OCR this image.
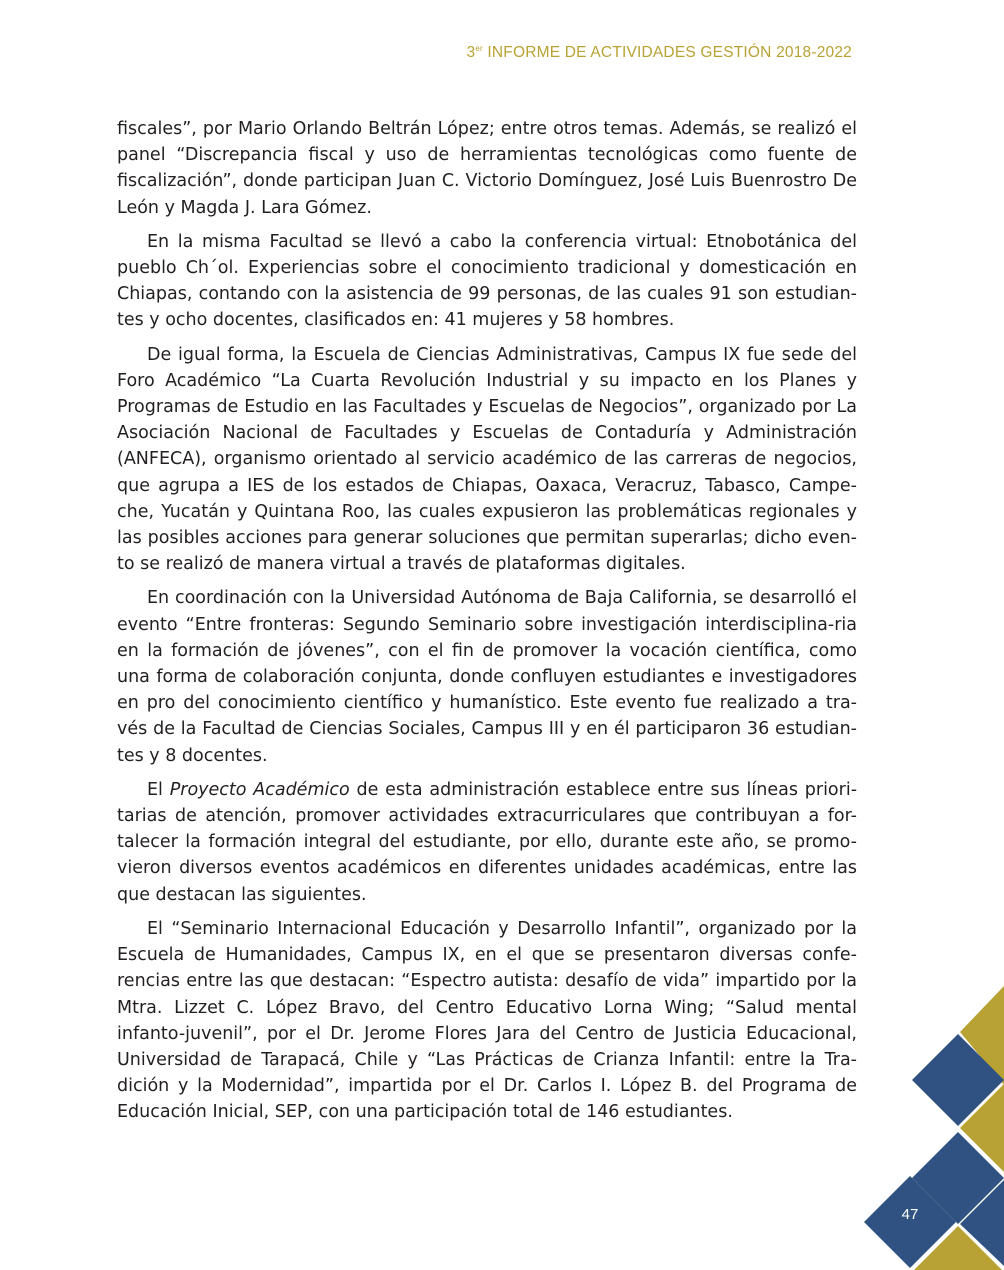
3er INFORME DE ACTIVIDADES GESTIÓN 2018-2022

fiscales”, por Mario Orlando Beltrán López; entre otros temas. Además, se realizó el panel “Discrepancia fiscal y uso de herramientas tecnológicas como fuente de fiscalización”, donde participan Juan C. Victorio Domínguez, José Luis Buenrostro De León y Magda J. Lara Gómez.

En la misma Facultad se llevó a cabo la conferencia virtual: Etnobotánica del pueblo Ch´ol. Experiencias sobre el conocimiento tradicional y domesticación en Chiapas, contando con la asistencia de 99 personas, de las cuales 91 son estudian-tes y ocho docentes, clasificados en: 41 mujeres y 58 hombres.

De igual forma, la Escuela de Ciencias Administrativas, Campus IX fue sede del Foro Académico “La Cuarta Revolución Industrial y su impacto en los Planes y Programas de Estudio en las Facultades y Escuelas de Negocios”, organizado por La Asociación Nacional de Facultades y Escuelas de Contaduría y Administración (ANFECA), organismo orientado al servicio académico de las carreras de negocios, que agrupa a IES de los estados de Chiapas, Oaxaca, Veracruz, Tabasco, Campe-che, Yucatán y Quintana Roo, las cuales expusieron las problemáticas regionales y las posibles acciones para generar soluciones que permitan superarlas; dicho even-to se realizó de manera virtual a través de plataformas digitales.

En coordinación con la Universidad Autónoma de Baja California, se desarrolló el evento “Entre fronteras: Segundo Seminario sobre investigación interdisciplina-ria en la formación de jóvenes”, con el fin de promover la vocación científica, como una forma de colaboración conjunta, donde confluyen estudiantes e investigadores en pro del conocimiento científico y humanístico. Este evento fue realizado a tra-vés de la Facultad de Ciencias Sociales, Campus III y en él participaron 36 estudian-tes y 8 docentes.

El Proyecto Académico de esta administración establece entre sus líneas priori-tarias de atención, promover actividades extracurriculares que contribuyan a for-talecer la formación integral del estudiante, por ello, durante este año, se promo-vieron diversos eventos académicos en diferentes unidades académicas, entre las que destacan las siguientes.

El “Seminario Internacional Educación y Desarrollo Infantil”, organizado por la Escuela de Humanidades, Campus IX, en el que se presentaron diversas confe-rencias entre las que destacan: “Espectro autista: desafío de vida” impartido por la Mtra. Lizzet C. López Bravo, del Centro Educativo Lorna Wing; “Salud mental infanto-juvenil”, por el Dr. Jerome Flores Jara del Centro de Justicia Educacional, Universidad de Tarapacá, Chile y “Las Prácticas de Crianza Infantil: entre la Tra-dición y la Modernidad”, impartida por el Dr. Carlos I. López B. del Programa de Educación Inicial, SEP, con una participación total de 146 estudiantes.

47
